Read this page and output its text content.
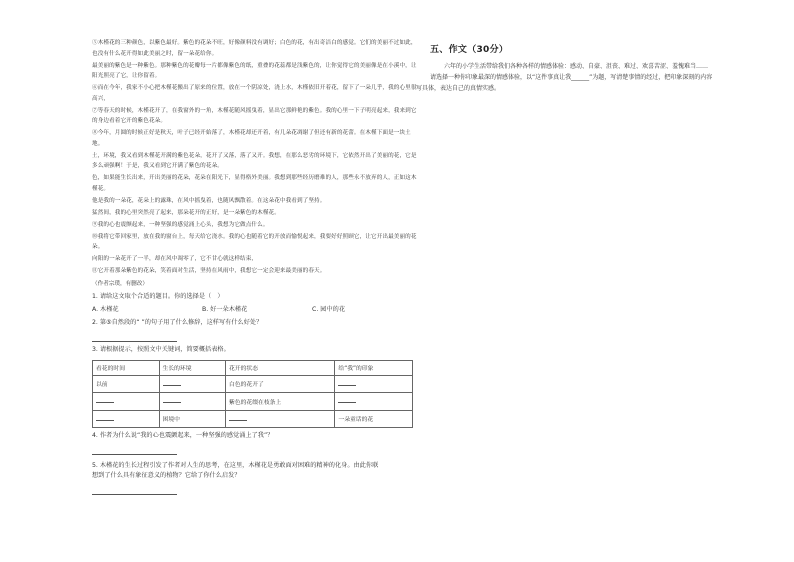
⑤木槿花的三种颜色，以紫色最好。紫色的花朵不旺，好像颜料没有调好；白色的花，有出奇洁白的感觉。它们的美丽不过如此，也没有什么花开得如此美丽之时，留一朵花给你。

最美丽的紫色是一种紫色。那种紫色的花瓣每一片都像紫色的纸，重叠的花蕊都是浅紫色的，让你觉得它的美丽像是在小溪中，让阳光照亮了它，让你留着。

⑥而在今年，我家不小心把木槿花搬出了原来的位置，放在一个阴凉处，浇上水，木槿依旧开着花，留下了一朵几乎，我的心里很高兴，

⑦等春天的时候，木槿花开了，在我窗外的一角，木槿花随风摇曳着，显出它那鲜艳的紫色。我的心里一下子明亮起来，我来到它的身边看着它开的紫色花朵。

⑧今年，月圆的时候正好是秋天，叶子已经开始落了，木槿花却还开着，有几朵花凋谢了但还有新的花蕾。在木槿下面是一块土地。

土，环境，我又看到木槿花开满的紫色花朵，花开了又落，落了又开。我想，在那么恶劣的环境下，它依然开出了美丽的花，它是多么顽强啊！于是，我又看到它开满了紫色的花朵。

色，如果能生长出来，开出美丽的花朵，花朵在阳光下，显得格外美丽。我想到那些经历磨难的人，那些永不放弃的人，正如这木槿花。

他是我的一朵花，花朵上的露珠，在风中摇曳着，也随风飘散着。在这朵花中我看到了坚持。

猛然间，我的心里突然亮了起来，那朵花开的正好，是一朵紫色的木槿花。

⑨我的心也震颤起来，一种坚强的感觉涌上心头，我想为它做点什么。

⑩我将它带回家里，放在我的窗台上，每天给它浇水。我的心也随着它的开放而愉悦起来，我要好好照顾它，让它开出最美丽的花朵。

向阳的一朵花开了一半，却在风中凋零了，它不甘心就这样结束，

⑪它开着那朵紫色的花朵，笑着面对生活，坚持在风雨中，我想它一定会迎来最美丽的春天。

（作者宗璞，有删改）
1. 请给这文取个合适的题目。你的选择是（　）
A. 木槿花	B. 好一朵木槿花	C. 园中的花
2. 第⑤自然段的“ ”的句子用了什么修辞，这样写有什么好处？
3. 请根据提示，按照文中关键词，简要概括表格。
看花的时间	生长的环境	花开的状态	给“我”的印象
以前		白色的花开了	
		紫色的花缀在枝条上	
	困境中		一朵童话的花
4. 作者为什么说“我的心也震颤起来，一种坚强的感觉涌上了我”？
5. 木槿花的生长过程引发了作者对人生的思考，在这里，木槿花是勇敢面对困难的精神的化身。由此你联
想到了什么具有象征意义的植物？它给了你什么启发？
五、作文（30分）
六年的小学生活带给我们各种各样的情感体验：感动、自豪、沮丧、难过、欢喜苦涩、羞愧难当……
请选择一种你印象最深的情感体验，以“这件事真让我______”为题，写清楚事情的经过，把印象深刻的内容
写具体，表达自己的真情实感。
